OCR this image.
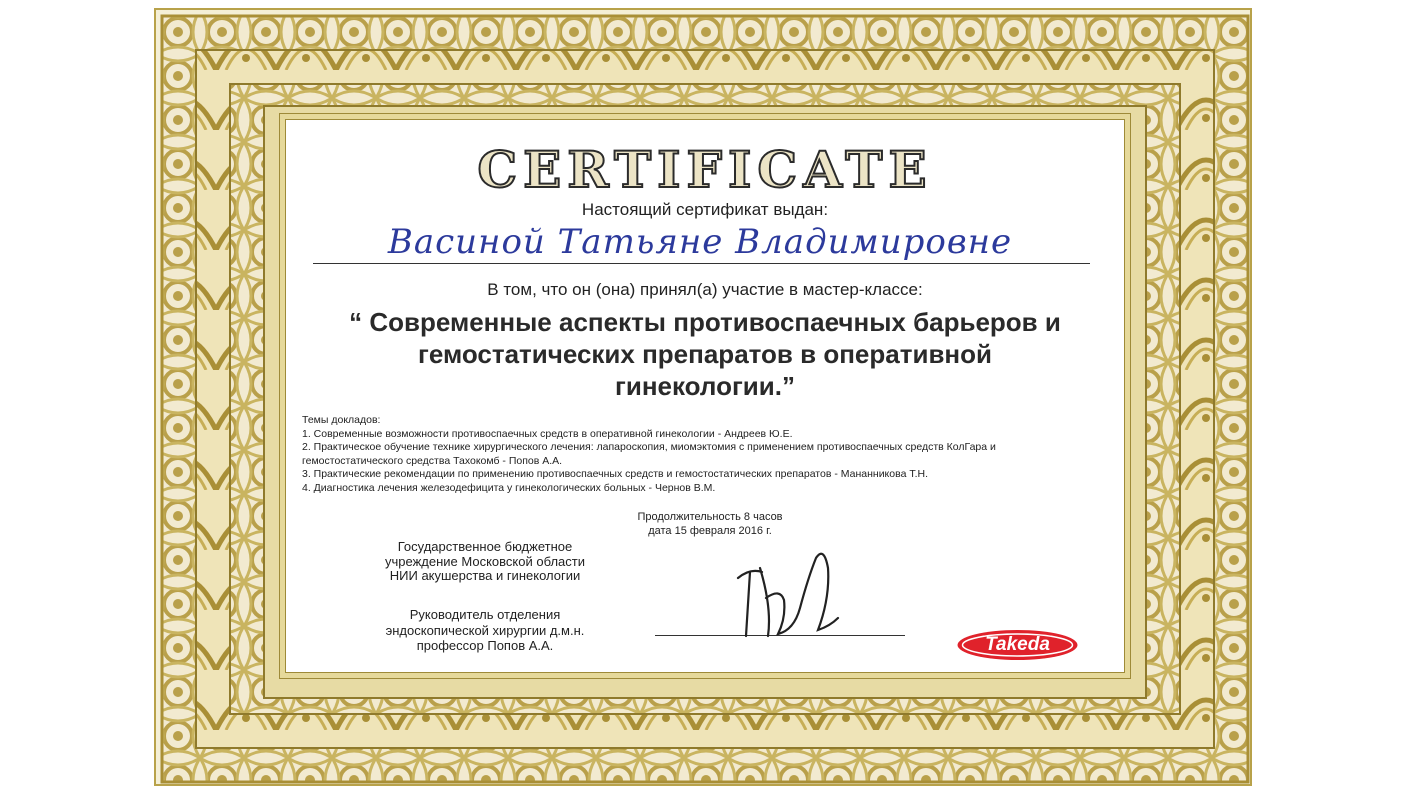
CERTIFICATE
Настоящий сертификат выдан:
Васиной Татьяне Владимировне
В том, что он (она) принял(а) участие в мастер-классе:
“ Современные аспекты противоспаечных барьеров и
гемостатических препаратов в оперативной
гинекологии.”
Темы докладов:
1. Современные возможности противоспаечных средств в оперативной гинекологии - Андреев Ю.Е.
2. Практическое обучение технике хирургического лечения: лапароскопия, миомэктомия с применением противоспаечных средств КолГара и
гемостостатического средства Тахокомб - Попов А.А.
3. Практические рекомендации по применению противоспаечных средств и гемостостатических препаратов - Мананникова Т.Н.
4. Диагностика лечения железодефицита у гинекологических больных - Чернов В.М.
Продолжительность 8 часов
дата 15 февраля 2016 г.
Государственное бюджетное
учреждение Московской области
НИИ акушерства и гинекологии
Руководитель отделения
эндоскопической хирургии д.м.н.
профессор Попов А.А.	Takeda
